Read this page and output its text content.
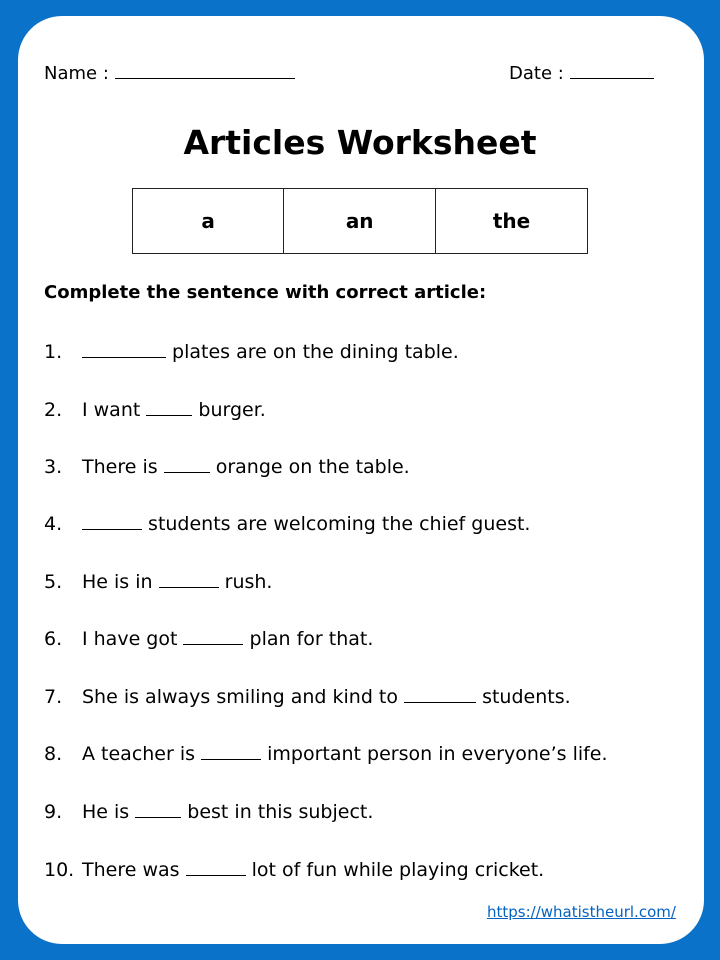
Name :	Date :
Articles Worksheet
a	an	the
Complete the sentence with correct article:
1.	plates are on the dining table.
2. I want  burger.
3. There is  orange on the table.
4.	students are welcoming the chief guest.
5. He is in	rush.
6. I have got	plan for that.
7. She is always smiling and kind to	students.
8. A teacher is	important person in everyone’s life.
9. He is  best in this subject.
10. There was	lot of fun while playing cricket.
https://whatistheurl.com/
